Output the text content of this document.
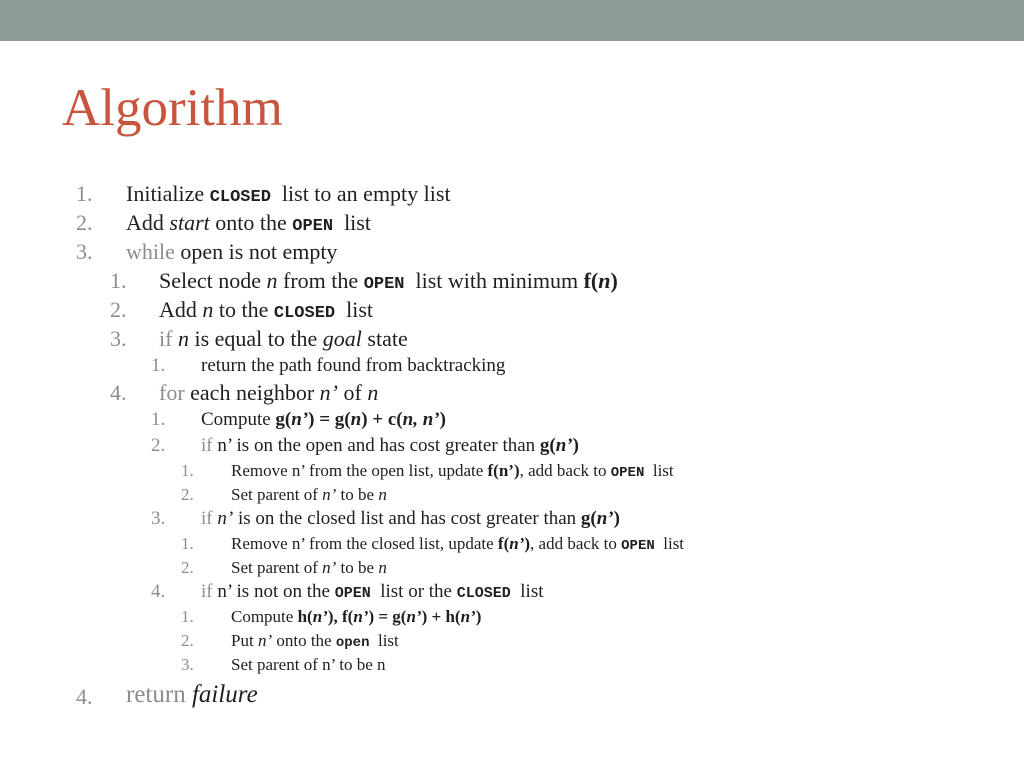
Algorithm
1. Initialize CLOSED  list to an empty list
2. Add start onto the OPEN  list
3. while open is not empty
1. Select node n from the OPEN  list with minimum f(n)
2. Add n to the CLOSED  list
3. if n is equal to the goal state
1. return the path found from backtracking
4. for each neighbor n’ of n
1. Compute g(n’) = g(n) + c(n, n’)
2. if n’ is on the open and has cost greater than g(n’)
1. Remove n’ from the open list, update f(n’), add back to OPEN  list
2. Set parent of n’ to be n
3. if n’ is on the closed list and has cost greater than g(n’)
1. Remove n’ from the closed list, update f(n’), add back to OPEN  list
2. Set parent of n’ to be n
4. if n’ is not on the OPEN  list or the CLOSED  list
1. Compute h(n’), f(n’) = g(n’) + h(n’)
2. Put n’ onto the open  list
3. Set parent of n’ to be n
4. return failure
